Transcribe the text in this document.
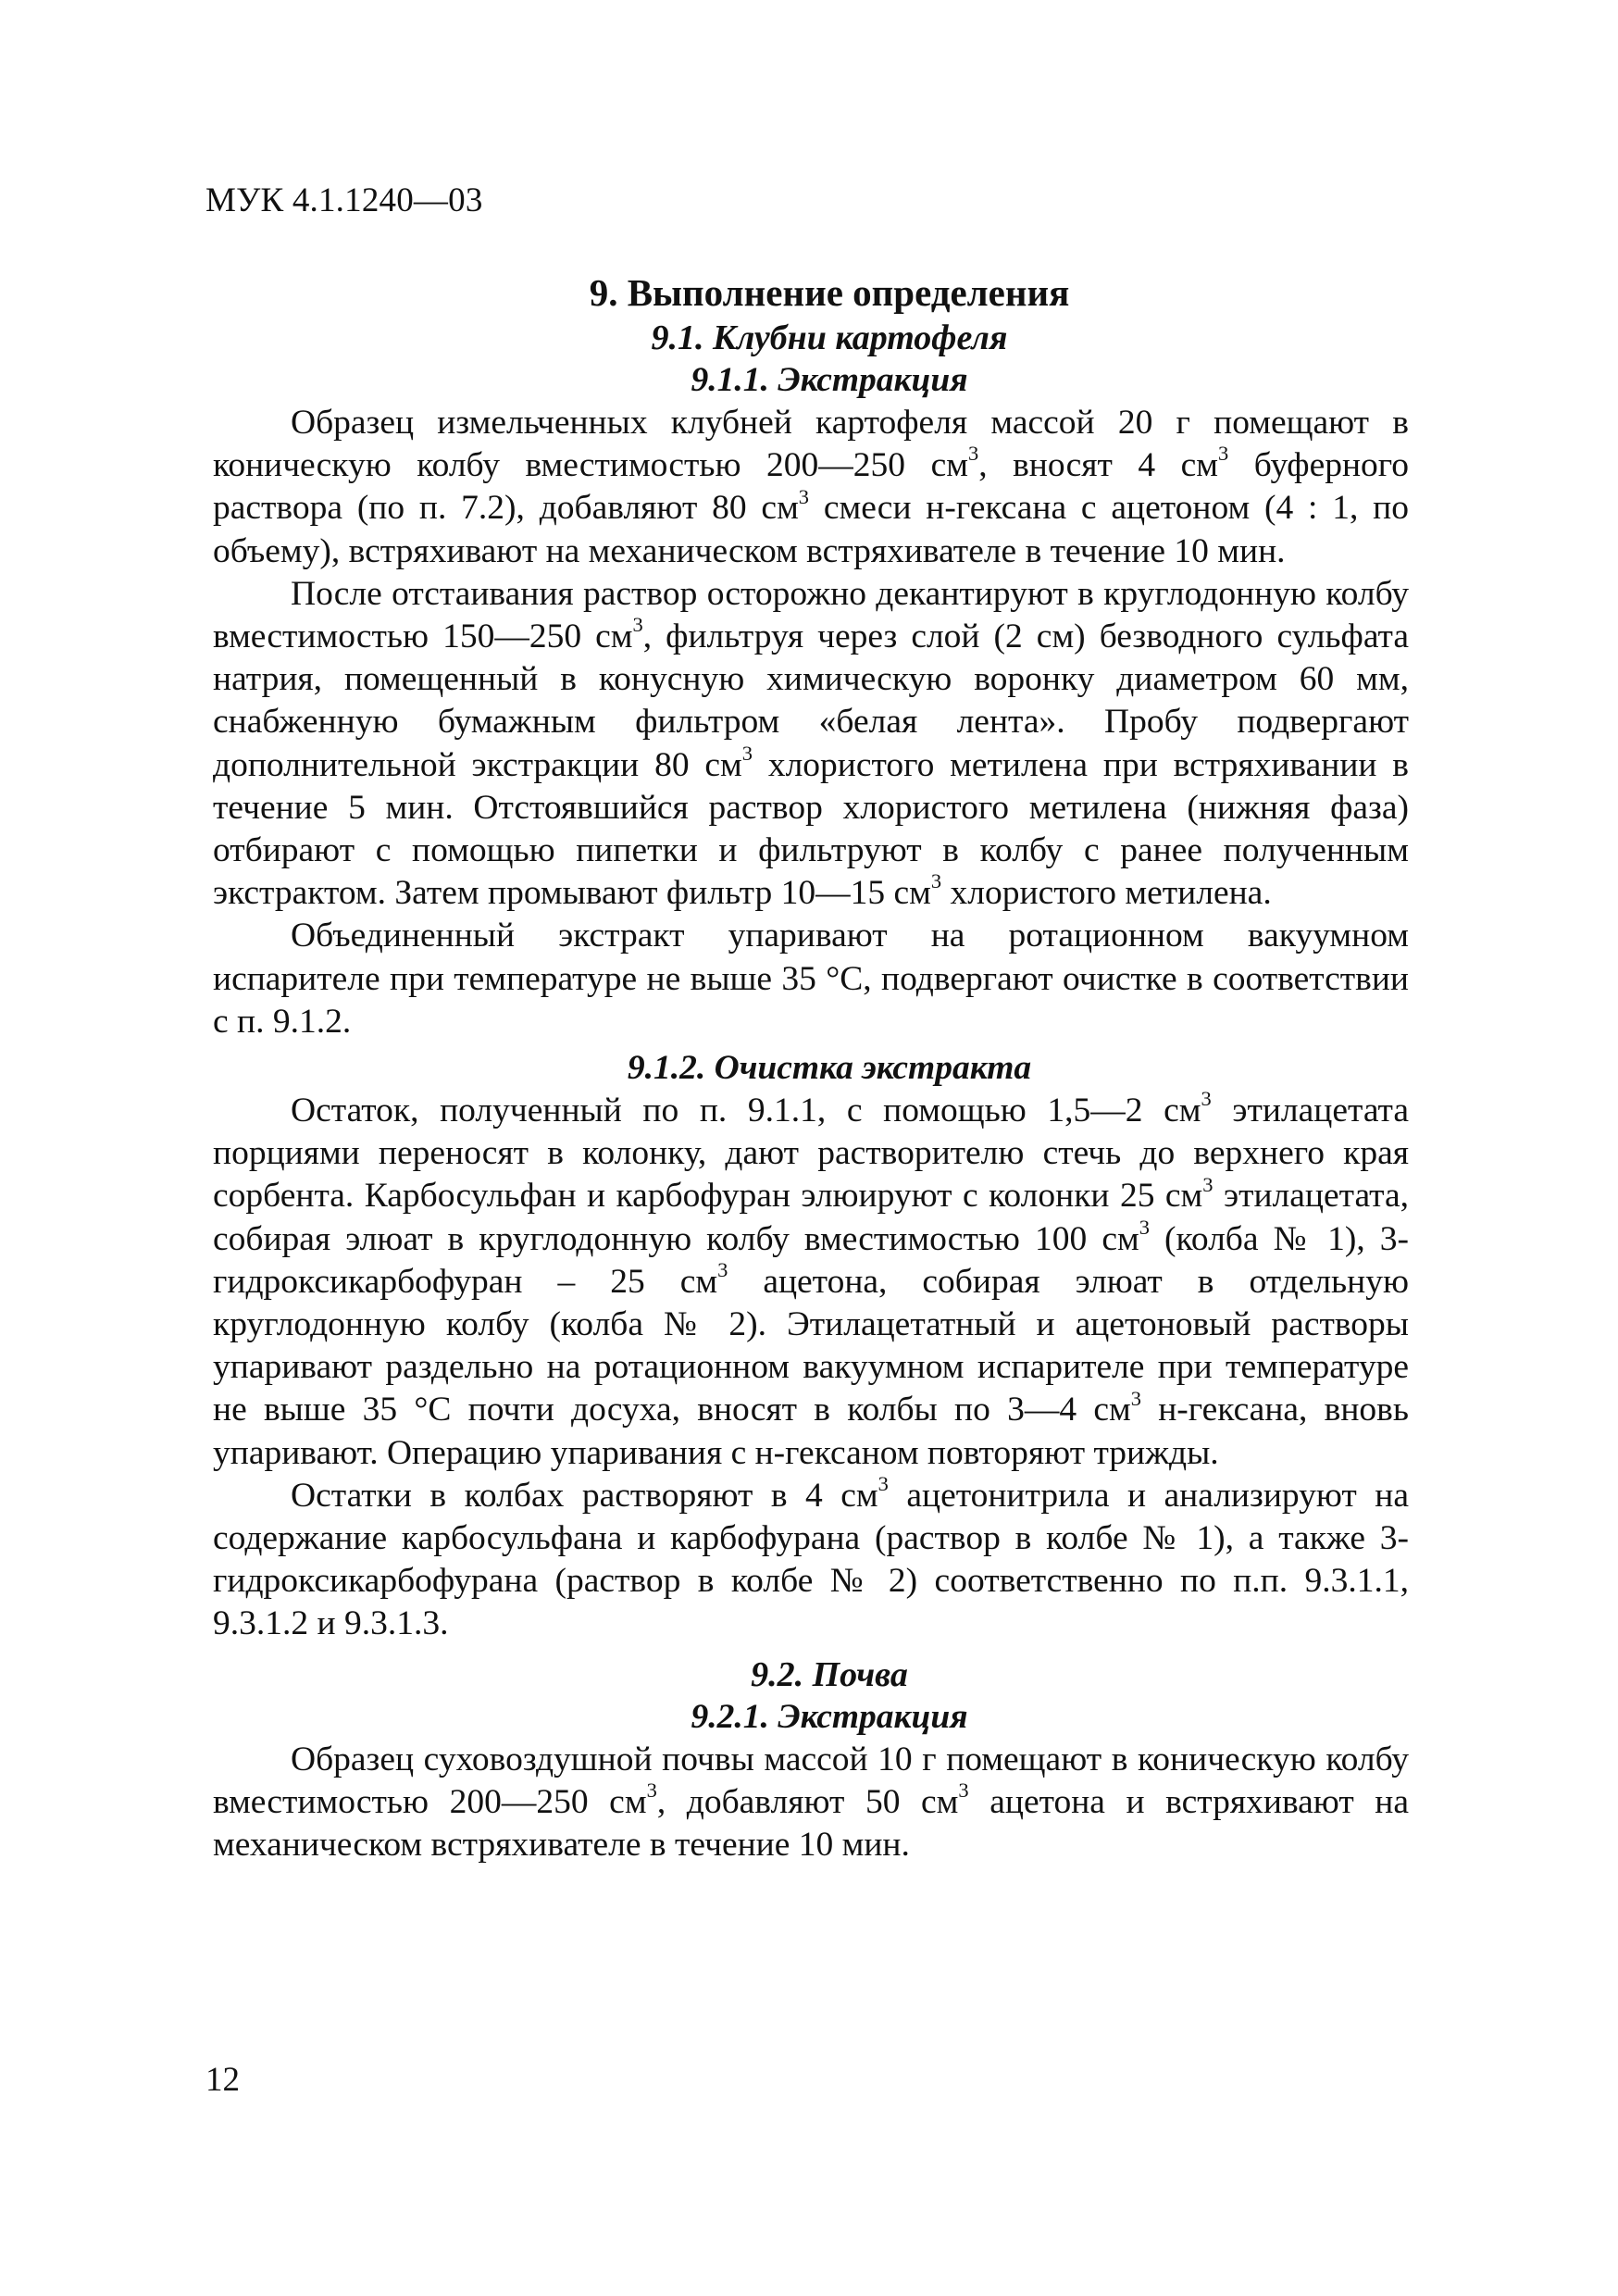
МУК 4.1.1240—03
9. Выполнение определения
9.1. Клубни картофеля
9.1.1. Экстракция

Образец измельченных клубней картофеля массой 20 г помещают в коническую колбу вместимостью 200—250 $см^3$, вносят 4 $см^3$ буферного раствора (по п. 7.2), добавляют 80 $см^3$ смеси н-гексана с ацетоном (4 : 1, по объему), встряхивают на механическом встряхивателе в течение 10 мин.

После отстаивания раствор осторожно декантируют в круглодонную колбу вместимостью 150—250 $см^3$, фильтруя через слой (2 см) безводного сульфата натрия, помещенный в конусную химическую воронку диаметром 60 мм, снабженную бумажным фильтром «белая лента». Пробу подвергают дополнительной экстракции 80 $см^3$ хлористого метилена при встряхивании в течение 5 мин. Отстоявшийся раствор хлористого метилена (нижняя фаза) отбирают с помощью пипетки и фильтруют в колбу с ранее полученным экстрактом. Затем промывают фильтр 10—15 $см^3$ хлористого метилена.

Объединенный экстракт упаривают на ротационном вакуумном испарителе при температуре не выше 35 °С, подвергают очистке в соответствии с п. 9.1.2.

9.1.2. Очистка экстракта

Остаток, полученный по п. 9.1.1, с помощью 1,5—2 $см^3$ этилацетата порциями переносят в колонку, дают растворителю стечь до верхнего края сорбента. Карбосульфан и карбофуран элюируют с колонки 25 $см^3$ этилацетата, собирая элюат в круглодонную колбу вместимостью 100 $см^3$ (колба № 1), 3-гидроксикарбофуран – 25 $см^3$ ацетона, собирая элюат в отдельную круглодонную колбу (колба № 2). Этилацетатный и ацетоновый растворы упаривают раздельно на ротационном вакуумном испарителе при температуре не выше 35 °С почти досуха, вносят в колбы по 3—4 $см^3$ н-гексана, вновь упаривают. Операцию упаривания с н-гексаном повторяют трижды.

Остатки в колбах растворяют в 4 $см^3$ ацетонитрила и анализируют на содержание карбосульфана и карбофурана (раствор в колбе № 1), а также 3-гидроксикарбофурана (раствор в колбе № 2) соответственно по п.п. 9.3.1.1, 9.3.1.2 и 9.3.1.3.

9.2. Почва
9.2.1. Экстракция

Образец суховоздушной почвы массой 10 г помещают в коническую колбу вместимостью 200—250 $см^3$, добавляют 50 $см^3$ ацетона и встряхивают на механическом встряхивателе в течение 10 мин.

12
